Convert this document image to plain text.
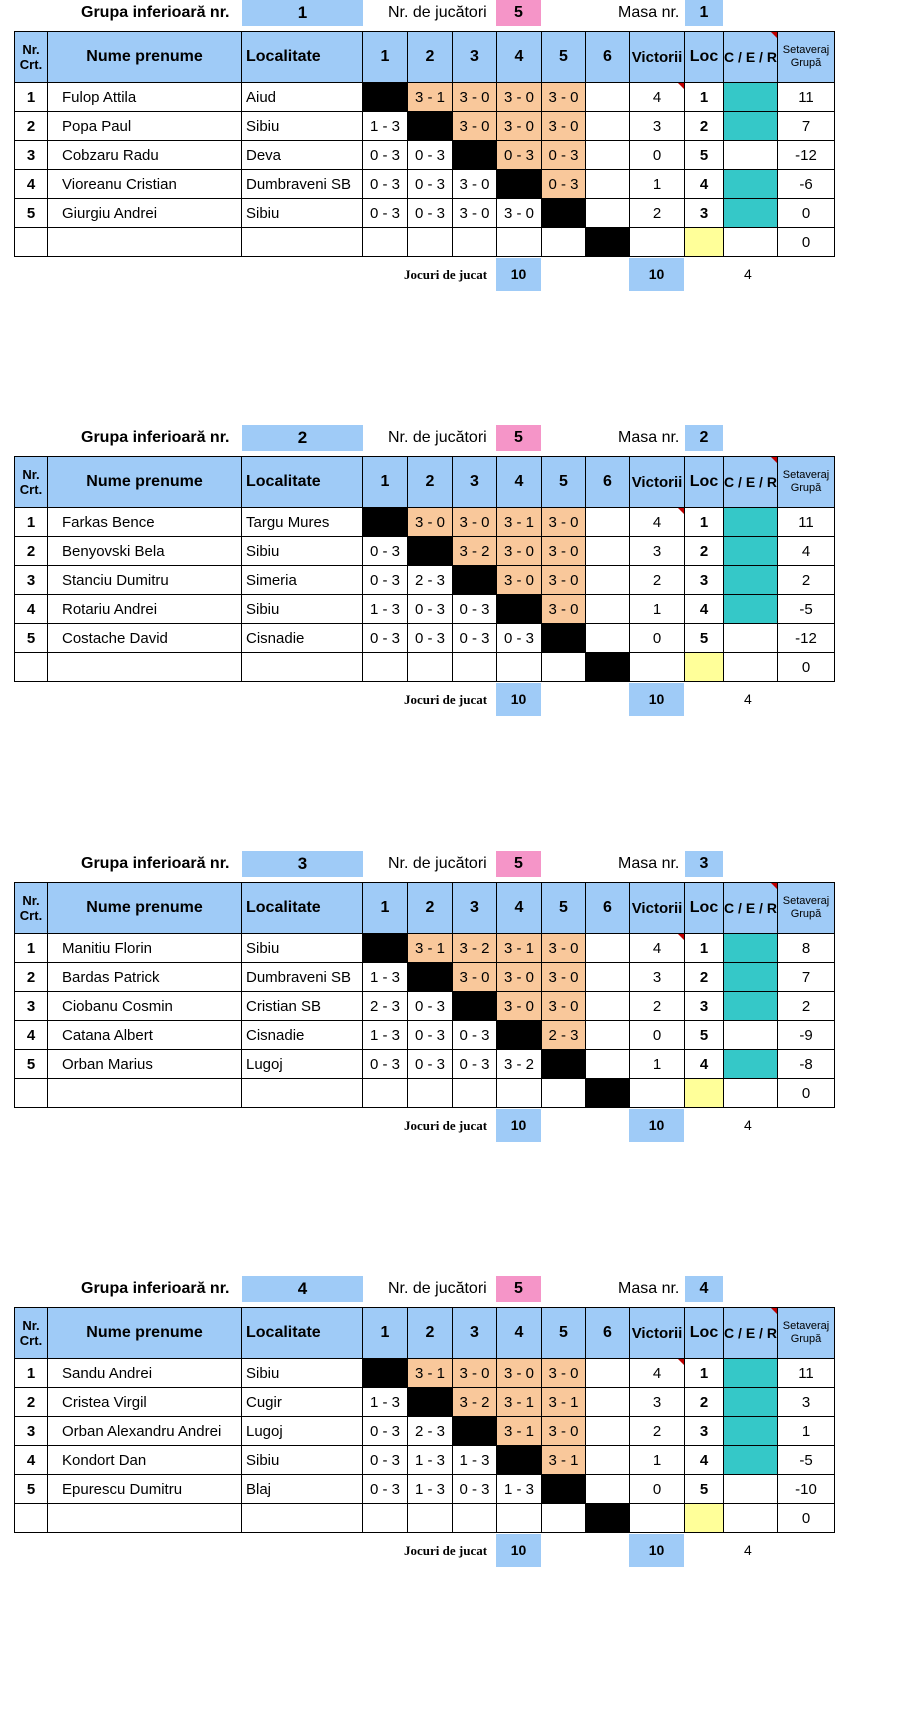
Grupa inferioară nr.	1	Nr. de jucători	5	Masa nr.	1
Nr. Crt.	Nume prenume	Localitate	1	2	3	4	5	6	Victorii	Loc	C / E / R	Setaveraj Grupă
1	Fulop Attila	Aiud		3 - 1	3 - 0	3 - 0	3 - 0		4	1		11
2	Popa Paul	Sibiu	1 - 3		3 - 0	3 - 0	3 - 0		3	2		7
3	Cobzaru Radu	Deva	0 - 3	0 - 3		0 - 3	0 - 3		0	5		-12
4	Vioreanu Cristian	Dumbraveni SB	0 - 3	0 - 3	3 - 0		0 - 3		1	4		-6
5	Giurgiu Andrei	Sibiu	0 - 3	0 - 3	3 - 0	3 - 0			2	3		0
												0
Jocuri de jucat	10	10	4
Grupa inferioară nr.	2	Nr. de jucători	5	Masa nr.	2
Nr. Crt.	Nume prenume	Localitate	1	2	3	4	5	6	Victorii	Loc	C / E / R	Setaveraj Grupă
1	Farkas Bence	Targu Mures		3 - 0	3 - 0	3 - 1	3 - 0		4	1		11
2	Benyovski Bela	Sibiu	0 - 3		3 - 2	3 - 0	3 - 0		3	2		4
3	Stanciu Dumitru	Simeria	0 - 3	2 - 3		3 - 0	3 - 0		2	3		2
4	Rotariu Andrei	Sibiu	1 - 3	0 - 3	0 - 3		3 - 0		1	4		-5
5	Costache David	Cisnadie	0 - 3	0 - 3	0 - 3	0 - 3			0	5		-12
												0
Jocuri de jucat	10	10	4
Grupa inferioară nr.	3	Nr. de jucători	5	Masa nr.	3
Nr. Crt.	Nume prenume	Localitate	1	2	3	4	5	6	Victorii	Loc	C / E / R	Setaveraj Grupă
1	Manitiu Florin	Sibiu		3 - 1	3 - 2	3 - 1	3 - 0		4	1		8
2	Bardas Patrick	Dumbraveni SB	1 - 3		3 - 0	3 - 0	3 - 0		3	2		7
3	Ciobanu Cosmin	Cristian SB	2 - 3	0 - 3		3 - 0	3 - 0		2	3		2
4	Catana Albert	Cisnadie	1 - 3	0 - 3	0 - 3		2 - 3		0	5		-9
5	Orban Marius	Lugoj	0 - 3	0 - 3	0 - 3	3 - 2			1	4		-8
												0
Jocuri de jucat	10	10	4
Grupa inferioară nr.	4	Nr. de jucători	5	Masa nr.	4
Nr. Crt.	Nume prenume	Localitate	1	2	3	4	5	6	Victorii	Loc	C / E / R	Setaveraj Grupă
1	Sandu Andrei	Sibiu		3 - 1	3 - 0	3 - 0	3 - 0		4	1		11
2	Cristea Virgil	Cugir	1 - 3		3 - 2	3 - 1	3 - 1		3	2		3
3	Orban Alexandru Andrei	Lugoj	0 - 3	2 - 3		3 - 1	3 - 0		2	3		1
4	Kondort Dan	Sibiu	0 - 3	1 - 3	1 - 3		3 - 1		1	4		-5
5	Epurescu Dumitru	Blaj	0 - 3	1 - 3	0 - 3	1 - 3			0	5		-10
												0
Jocuri de jucat	10	10	4
